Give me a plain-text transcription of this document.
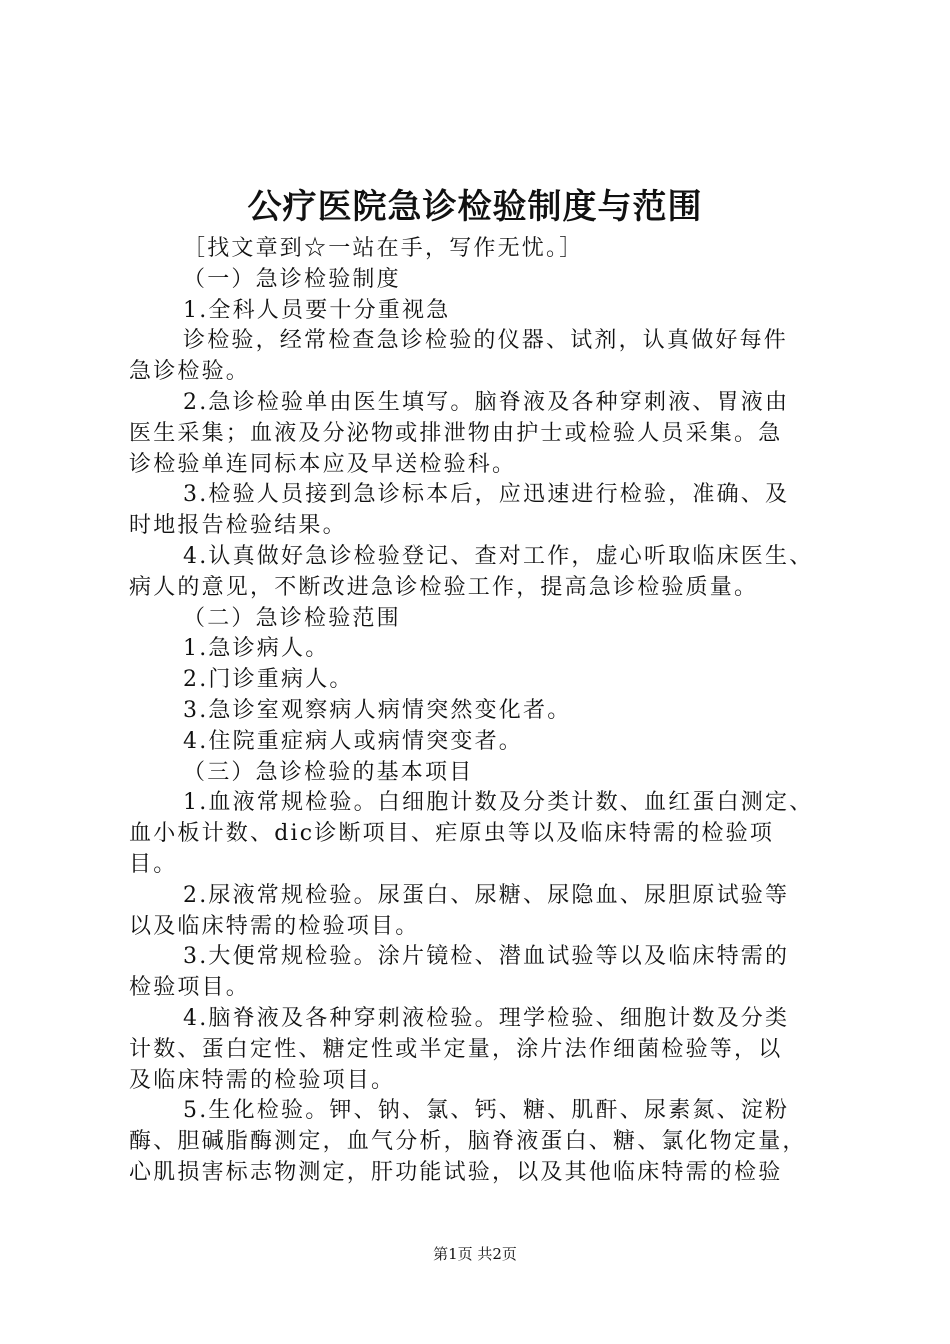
公疗医院急诊检验制度与范围

［找文章到☆一站在手，写作无忧。］

（一）急诊检验制度

1.全科人员要十分重视急

诊检验，经常检查急诊检验的仪器、试剂，认真做好每件

急诊检验。

2.急诊检验单由医生填写。脑脊液及各种穿刺液、胃液由

医生采集；血液及分泌物或排泄物由护士或检验人员采集。急

诊检验单连同标本应及早送检验科。

3.检验人员接到急诊标本后，应迅速进行检验，准确、及

时地报告检验结果。

4.认真做好急诊检验登记、查对工作，虚心听取临床医生、

病人的意见，不断改进急诊检验工作，提高急诊检验质量。

（二）急诊检验范围

1.急诊病人。

2.门诊重病人。

3.急诊室观察病人病情突然变化者。

4.住院重症病人或病情突变者。

（三）急诊检验的基本项目

1.血液常规检验。白细胞计数及分类计数、血红蛋白测定、

血小板计数、dic诊断项目、疟原虫等以及临床特需的检验项

目。

2.尿液常规检验。尿蛋白、尿糖、尿隐血、尿胆原试验等

以及临床特需的检验项目。

3.大便常规检验。涂片镜检、潜血试验等以及临床特需的

检验项目。

4.脑脊液及各种穿刺液检验。理学检验、细胞计数及分类

计数、蛋白定性、糖定性或半定量，涂片法作细菌检验等，以

及临床特需的检验项目。

5.生化检验。钾、钠、氯、钙、糖、肌酐、尿素氮、淀粉

酶、胆碱脂酶测定，血气分析，脑脊液蛋白、糖、氯化物定量，

心肌损害标志物测定，肝功能试验，以及其他临床特需的检验

第1页 共2页
